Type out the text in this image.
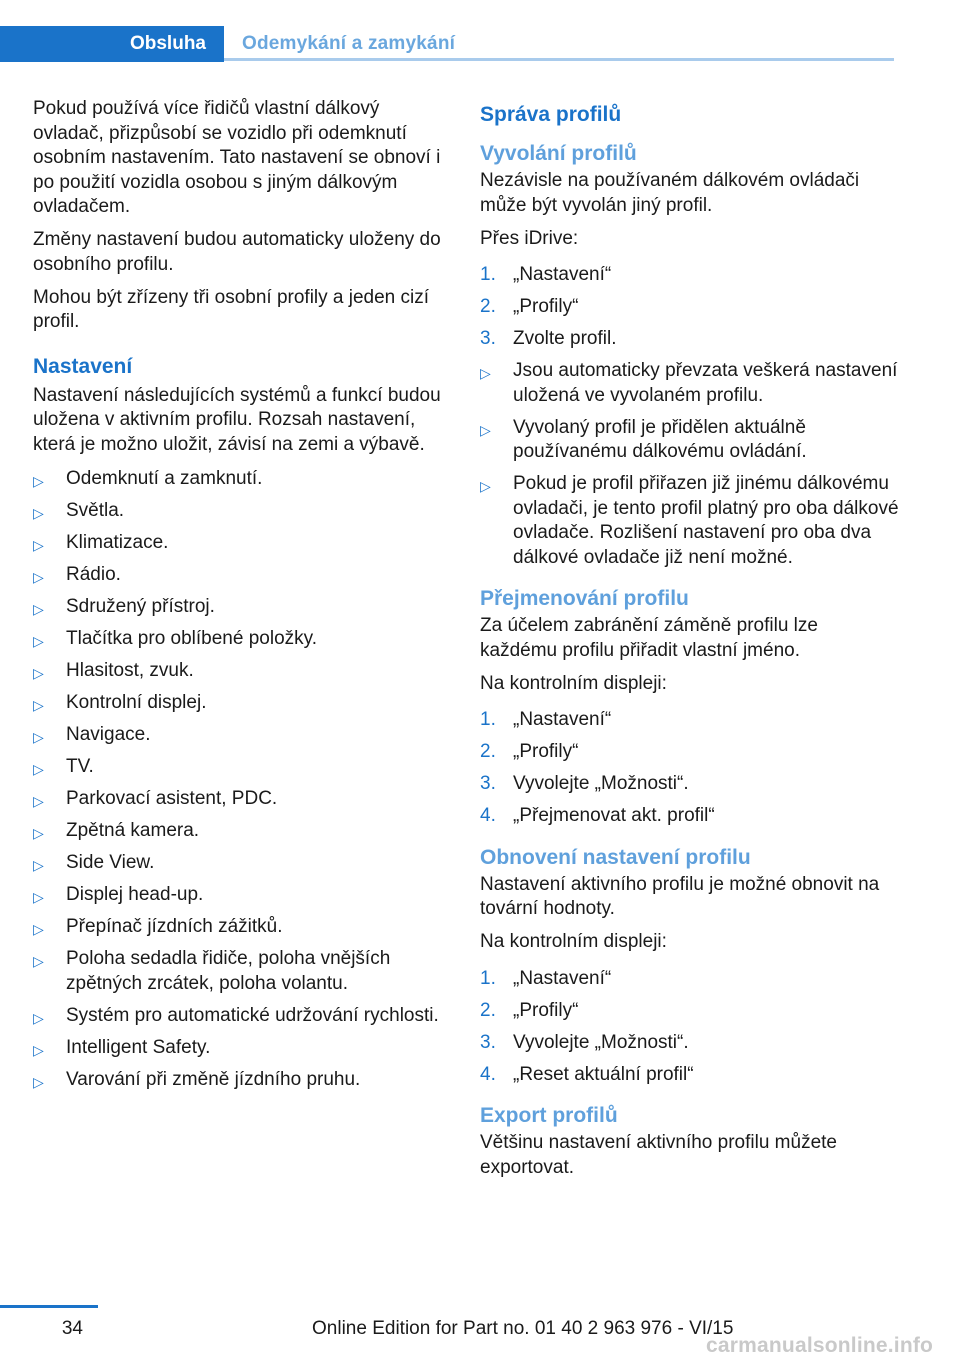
Obsluha	Odemykání a zamykání

Pokud používá více řidičů vlastní dálkový ovladač, přizpůsobí se vozidlo při odemknutí osobním nastavením. Tato nastavení se obnoví i po použití vozidla osobou s jiným dálkovým ovladačem.

Změny nastavení budou automaticky uloženy do osobního profilu.

Mohou být zřízeny tři osobní profily a jeden cizí profil.

Nastavení

Nastavení následujících systémů a funkcí budou uložena v aktivním profilu. Rozsah nastavení, která je možno uložit, závisí na zemi a výbavě.

▷ Odemknutí a zamknutí.
▷ Světla.
▷ Klimatizace.
▷ Rádio.
▷ Sdružený přístroj.
▷ Tlačítka pro oblíbené položky.
▷ Hlasitost, zvuk.
▷ Kontrolní displej.
▷ Navigace.
▷ TV.
▷ Parkovací asistent, PDC.
▷ Zpětná kamera.
▷ Side View.
▷ Displej head-up.
▷ Přepínač jízdních zážitků.
▷ Poloha sedadla řidiče, poloha vnějších zpětných zrcátek, poloha volantu.
▷ Systém pro automatické udržování rychlosti.
▷ Intelligent Safety.
▷ Varování při změně jízdního pruhu.
Správa profilů
Vyvolání profilů

Nezávisle na používaném dálkovém ovládači může být vyvolán jiný profil.

Přes iDrive:

1. „Nastavení“
2. „Profily“
3. Zvolte profil.
▷ Jsou automaticky převzata veškerá nastavení uložená ve vyvolaném profilu.
▷ Vyvolaný profil je přidělen aktuálně používanému dálkovému ovládání.
▷ Pokud je profil přiřazen již jinému dálkovému ovladači, je tento profil platný pro oba dálkové ovladače. Rozlišení nastavení pro oba dva dálkové ovladače již není možné.
Přejmenování profilu

Za účelem zabránění záměně profilu lze každému profilu přiřadit vlastní jméno.

Na kontrolním displeji:

1. „Nastavení“
2. „Profily“
3. Vyvolejte „Možnosti“.
4. „Přejmenovat akt. profil“
Obnovení nastavení profilu

Nastavení aktivního profilu je možné obnovit na tovární hodnoty.

Na kontrolním displeji:

1. „Nastavení“
2. „Profily“
3. Vyvolejte „Možnosti“.
4. „Reset aktuální profil“
Export profilů

Většinu nastavení aktivního profilu můžete exportovat.

34	Online Edition for Part no. 01 40 2 963 976 - VI/15
carmanualsonline.info
